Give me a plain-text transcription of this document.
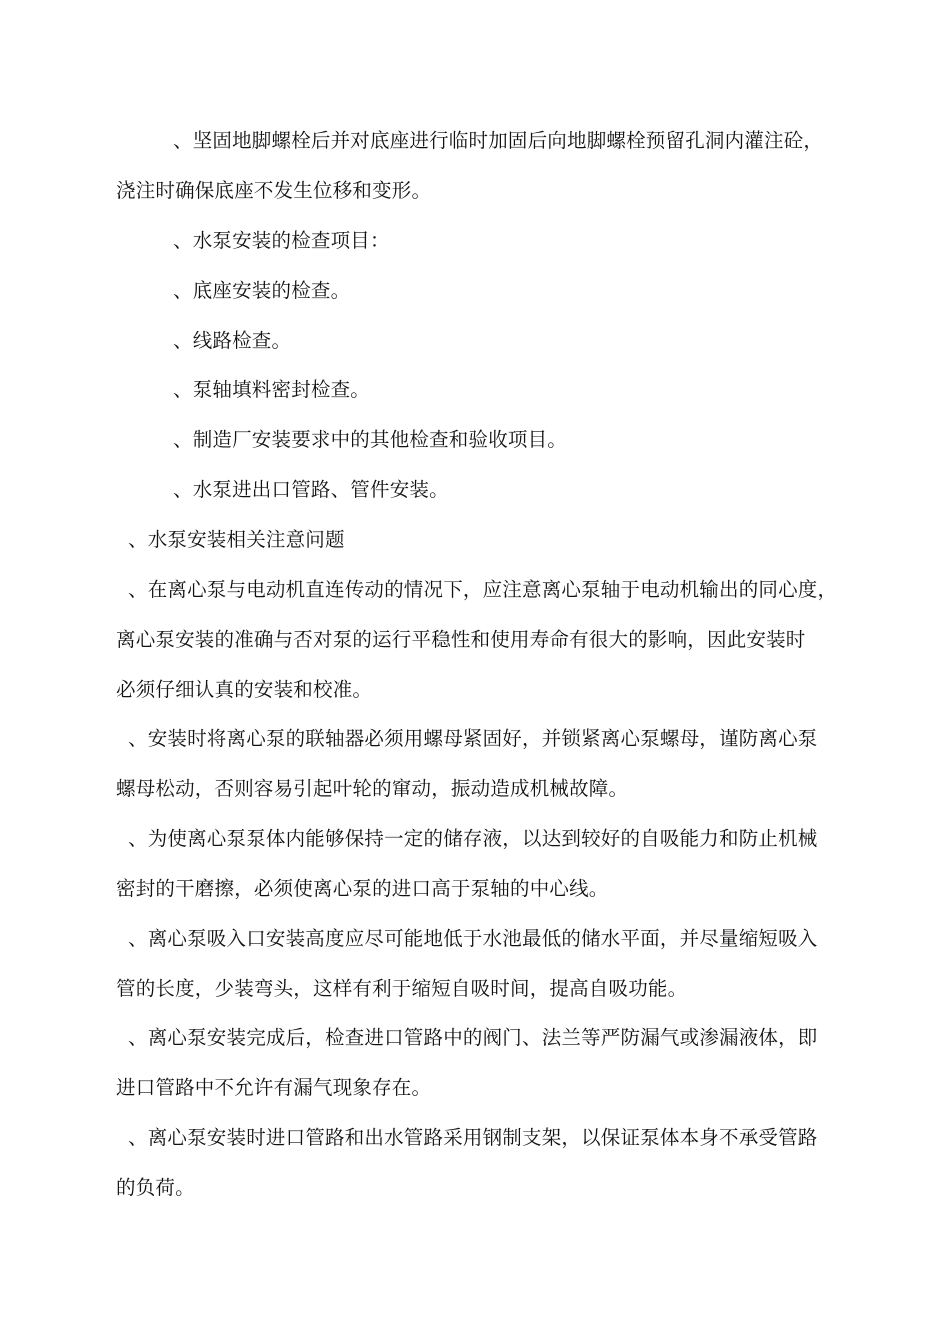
、坚固地脚螺栓后并对底座进行临时加固后向地脚螺栓预留孔洞内灌注砼，
浇注时确保底座不发生位移和变形。
、水泵安装的检查项目：
、底座安装的检查。
、线路检查。
、泵轴填料密封检查。
、制造厂安装要求中的其他检查和验收项目。
、水泵进出口管路、管件安装。
、水泵安装相关注意问题
、在离心泵与电动机直连传动的情况下，应注意离心泵轴于电动机输出的同心度，
离心泵安装的准确与否对泵的运行平稳性和使用寿命有很大的影响，因此安装时
必须仔细认真的安装和校准。
、安装时将离心泵的联轴器必须用螺母紧固好，并锁紧离心泵螺母，谨防离心泵
螺母松动，否则容易引起叶轮的窜动，振动造成机械故障。
、为使离心泵泵体内能够保持一定的储存液，以达到较好的自吸能力和防止机械
密封的干磨擦，必须使离心泵的进口高于泵轴的中心线。
、离心泵吸入口安装高度应尽可能地低于水池最低的储水平面，并尽量缩短吸入
管的长度，少装弯头，这样有利于缩短自吸时间，提高自吸功能。
、离心泵安装完成后，检查进口管路中的阀门、法兰等严防漏气或渗漏液体，即
进口管路中不允许有漏气现象存在。
、离心泵安装时进口管路和出水管路采用钢制支架，以保证泵体本身不承受管路
的负荷。
